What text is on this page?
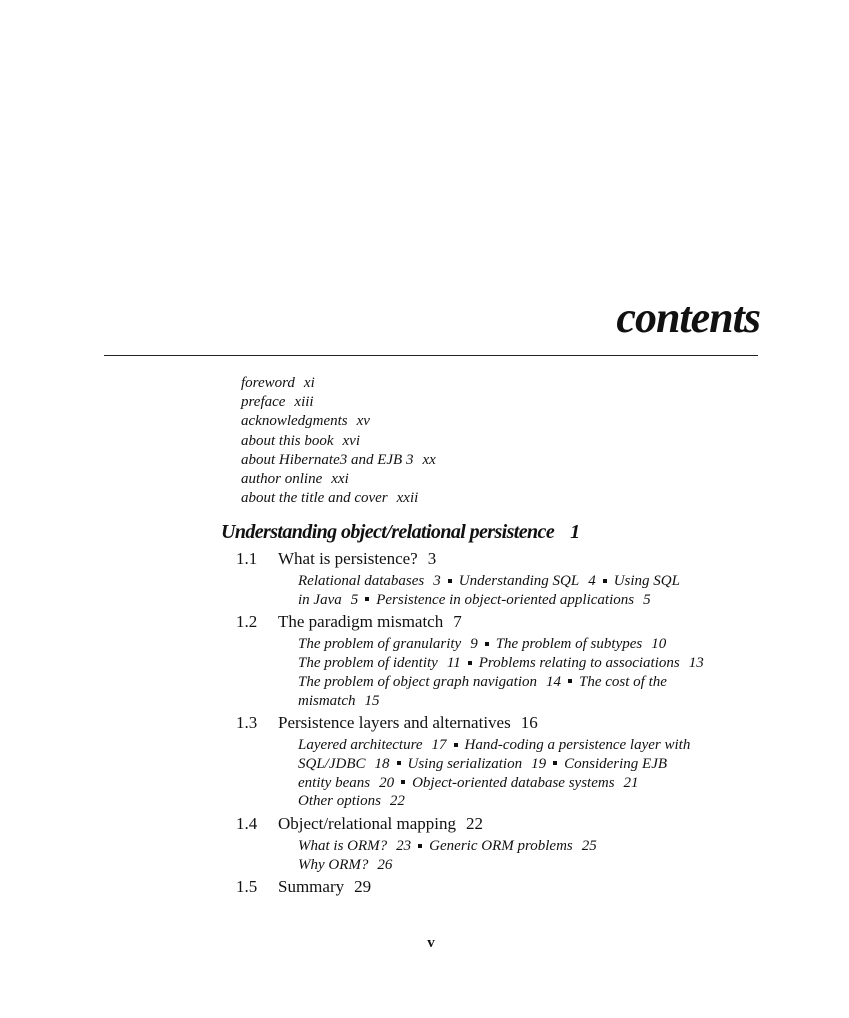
contents
foreword xi
preface xiii
acknowledgments xv
about this book xvi
about Hibernate3 and EJB 3 xx
author online xxi
about the title and cover xxii
Understanding object/relational persistence 1
1.1 What is persistence? 3
Relational databases 3 Understanding SQL 4 Using SQL
in Java 5 Persistence in object-oriented applications 5
1.2 The paradigm mismatch 7
The problem of granularity 9 The problem of subtypes 10
The problem of identity 11 Problems relating to associations 13
The problem of object graph navigation 14 The cost of the
mismatch 15
1.3 Persistence layers and alternatives 16
Layered architecture 17 Hand-coding a persistence layer with
SQL/JDBC 18 Using serialization 19 Considering EJB
entity beans 20 Object-oriented database systems 21
Other options 22
1.4 Object/relational mapping 22
What is ORM? 23 Generic ORM problems 25
Why ORM? 26
1.5 Summary 29
v
